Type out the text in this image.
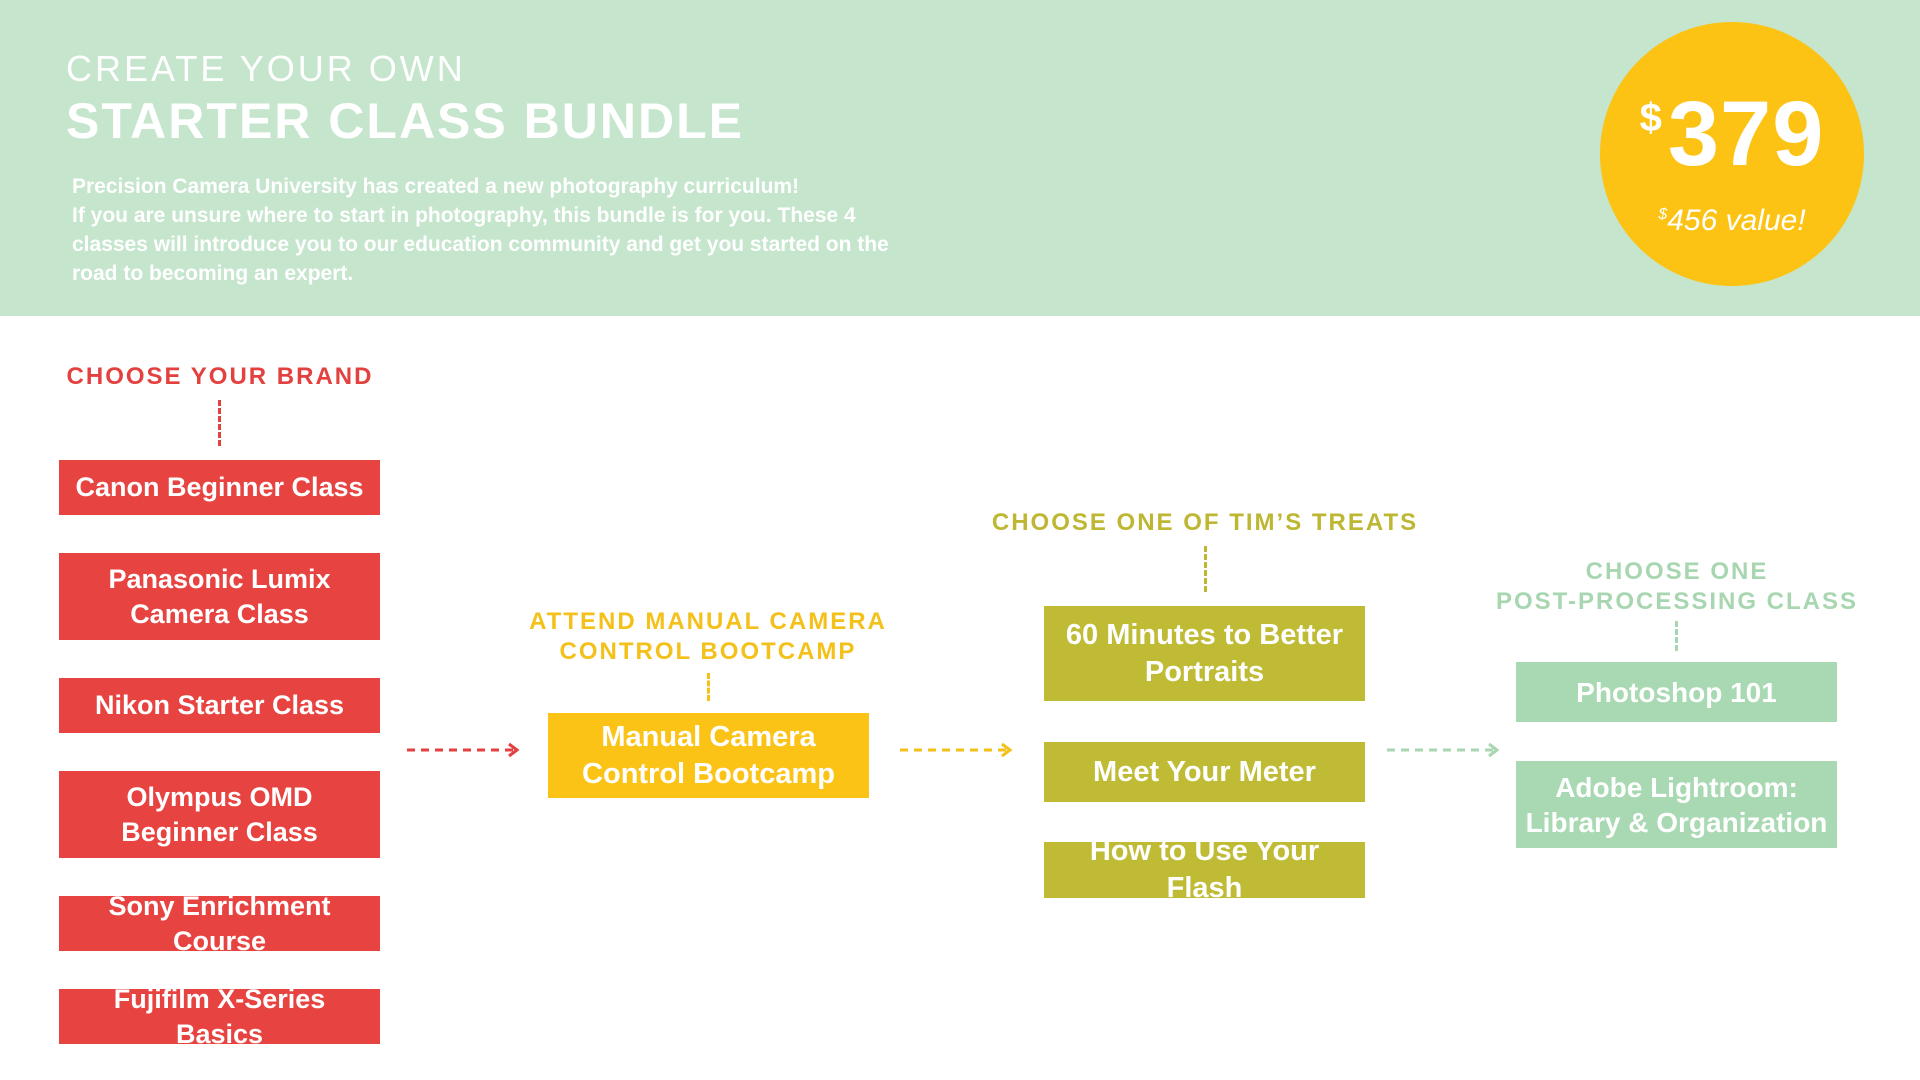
CREATE YOUR OWN
STARTER CLASS BUNDLE

Precision Camera University has created a new photography curriculum!

If you are unsure where to start in photography, this bundle is for you. These 4 classes will introduce you to our education community and get you started on the road to becoming an expert.

$379
$456 value!
CHOOSE YOUR BRAND
Canon Beginner Class
Panasonic Lumix
Camera Class
Nikon Starter Class
Olympus OMD
Beginner Class
Sony Enrichment Course
Fujifilm X-Series Basics
ATTEND MANUAL CAMERA
CONTROL BOOTCAMP
Manual Camera
Control Bootcamp
CHOOSE ONE OF TIM’S TREATS
60 Minutes to Better
Portraits
Meet Your Meter
How to Use Your Flash
CHOOSE ONE
POST-PROCESSING CLASS
Photoshop 101
Adobe Lightroom:
Library & Organization
